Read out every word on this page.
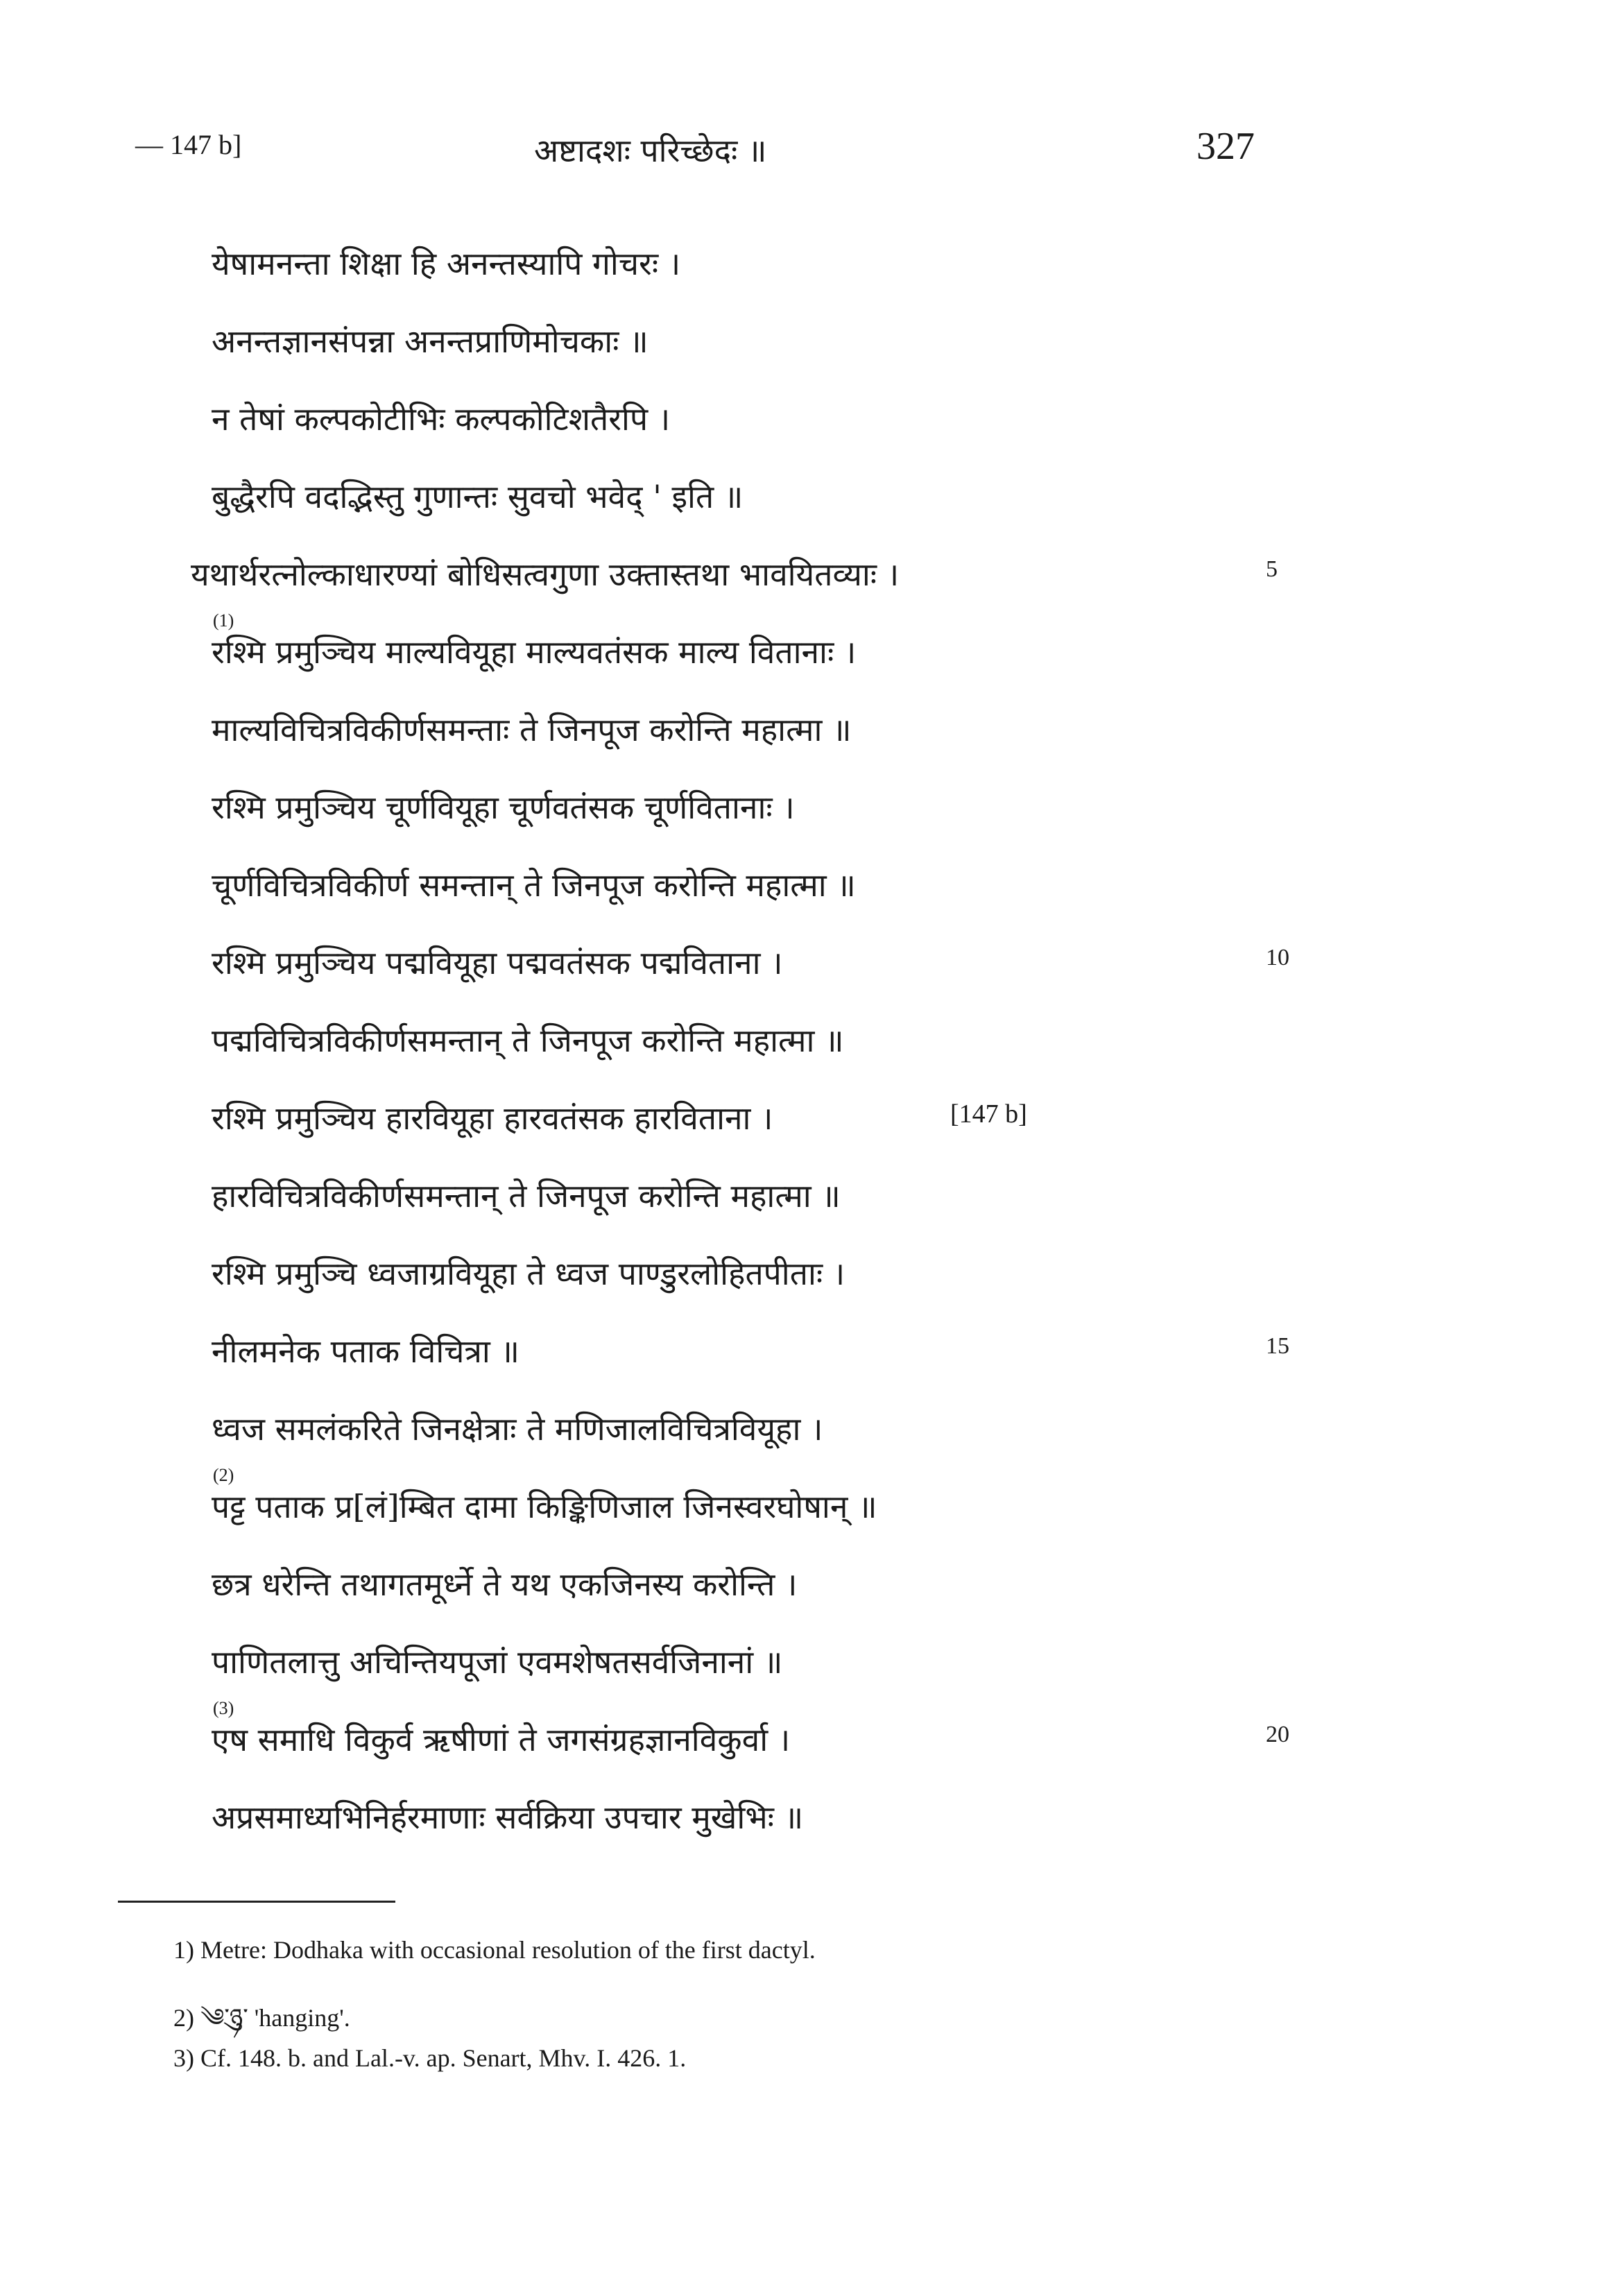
— 147 b]	अष्टादशः परिच्छेदः ॥	327
येषामनन्ता शिक्षा हि अनन्तस्यापि गोचरः ।
अनन्तज्ञानसंपन्ना अनन्तप्राणिमोचकाः ॥
न तेषां कल्पकोटीभिः कल्पकोटिशतैरपि ।
बुद्धैरपि वदद्भिस्तु गुणान्तः सुवचो भवेद् ' इति ॥
यथार्थरत्नोल्काधारण्यां बोधिसत्वगुणा उक्तास्तथा भावयितव्याः ।	5
रश्मि प्रमुञ्चिय माल्यवियूहा माल्यवतंसक माल्य वितानाः ।
(1)
माल्यविचित्रविकीर्णसमन्ताः ते जिनपूज करोन्ति महात्मा ॥
रश्मि प्रमुञ्चिय चूर्णवियूहा चूर्णवतंसक चूर्णवितानाः ।
चूर्णविचित्रविकीर्ण समन्तान् ते जिनपूज करोन्ति महात्मा ॥
रश्मि प्रमुञ्चिय पद्मवियूहा पद्मवतंसक पद्मविताना ।	10
पद्मविचित्रविकीर्णसमन्तान् ते जिनपूज करोन्ति महात्मा ॥
रश्मि प्रमुञ्चिय हारवियूहा हारवतंसक हारविताना ।	[147 b]
हारविचित्रविकीर्णसमन्तान् ते जिनपूज करोन्ति महात्मा ॥
रश्मि प्रमुञ्चि ध्वजाग्रवियूहा ते ध्वज पाण्डुरलोहितपीताः ।
नीलमनेक पताक विचित्रा ॥	15
ध्वज समलंकरिते जिनक्षेत्राः ते मणिजालविचित्रवियूहा ।
पट्ट पताक प्र[लं]म्बित दामा किङ्किणिजाल जिनस्वरघोषान् ॥
(2)
छत्र धरेन्ति तथागतमूर्ध्ने ते यथ एकजिनस्य करोन्ति ।
पाणितलात्तु अचिन्तियपूजां एवमशेषतसर्वजिनानां ॥
एष समाधि विकुर्व ऋषीणां ते जगसंग्रहज्ञानविकुर्वा ।
(3)
20
अप्रसमाध्यभिनिर्हरमाणाः सर्वक्रिया उपचार मुखेभिः ॥
1) Metre: Dodhaka with occasional resolution of the first dactyl.
2) ༄ུ་ཉ་ 'hanging'.
3) Cf. 148. b. and Lal.-v. ap. Senart, Mhv. I. 426. 1.
